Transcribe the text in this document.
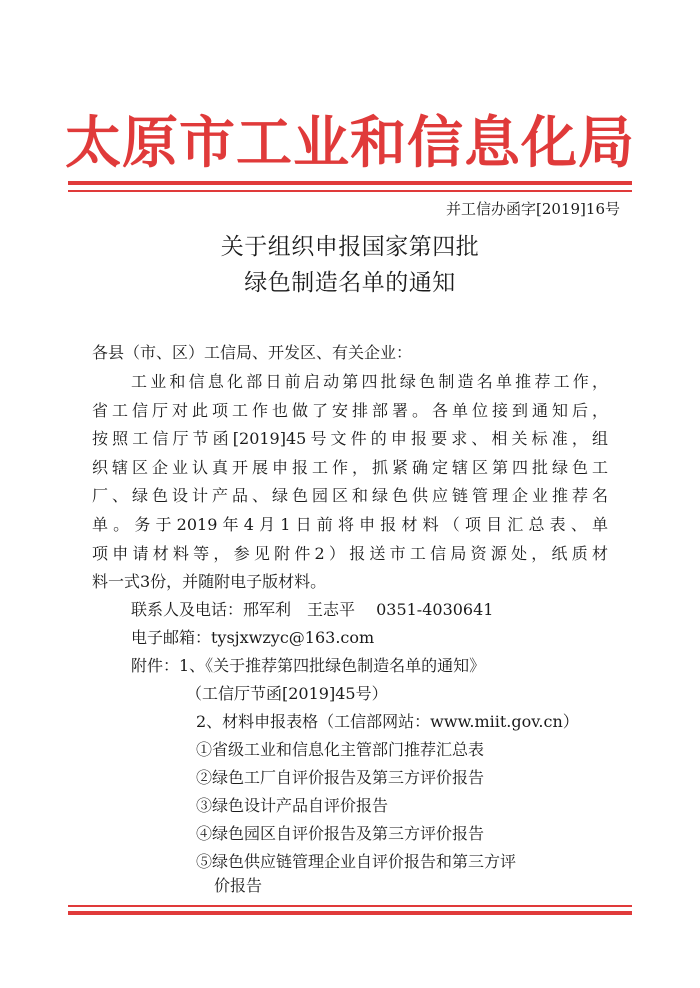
太原市工业和信息化局
并工信办函字[2019]16号
关于组织申报国家第四批
绿色制造名单的通知
各县（市、区）工信局、开发区、有关企业：
工业和信息化部日前启动第四批绿色制造名单推荐工作，
省工信厅对此项工作也做了安排部署。各单位接到通知后，
按照工信厅节函[2019]45号文件的申报要求、相关标准，组
织辖区企业认真开展申报工作，抓紧确定辖区第四批绿色工
厂、绿色设计产品、绿色园区和绿色供应链管理企业推荐名
单。务于2019年4月1日前将申报材料（项目汇总表、单
项申请材料等，参见附件2）报送市工信局资源处，纸质材
料一式3份，并随附电子版材料。
联系人及电话：邢军利　王志平　 0351-4030641
电子邮箱：tysjxwzyc@163.com
附件：1、《关于推荐第四批绿色制造名单的通知》
（工信厅节函[2019]45号）
2、材料申报表格（工信部网站：www.miit.gov.cn）
①省级工业和信息化主管部门推荐汇总表
②绿色工厂自评价报告及第三方评价报告
③绿色设计产品自评价报告
④绿色园区自评价报告及第三方评价报告
⑤绿色供应链管理企业自评价报告和第三方评
价报告
